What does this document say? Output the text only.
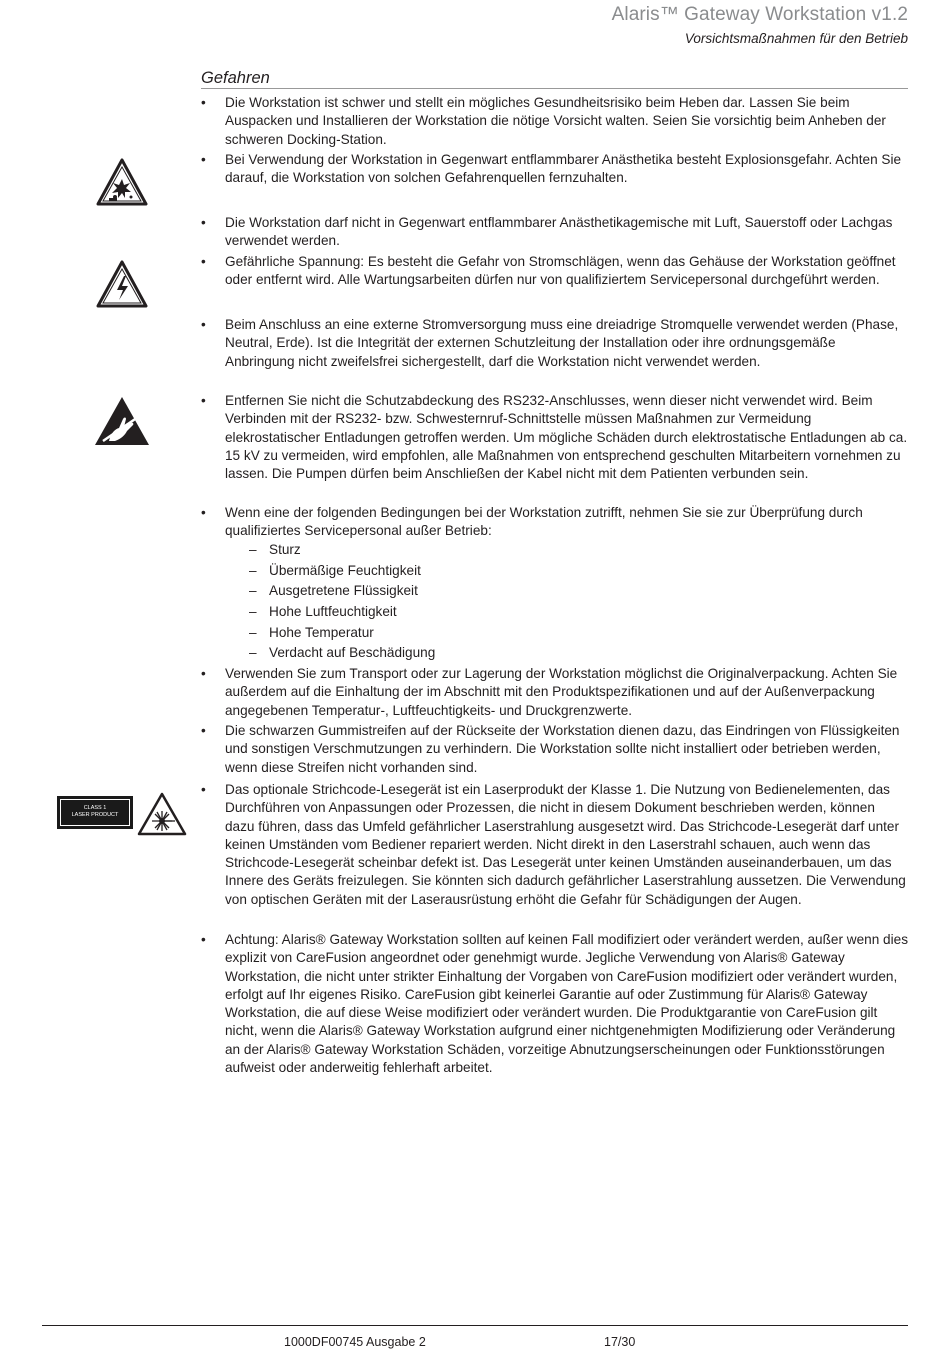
Alaris™ Gateway Workstation v1.2
Vorsichtsmaßnahmen für den Betrieb
Gefahren
•	Die Workstation ist schwer und stellt ein mögliches Gesundheitsrisiko beim Heben dar. Lassen Sie beim Auspacken und Installieren der Workstation die nötige Vorsicht walten. Seien Sie vorsichtig beim Anheben der schweren Docking-Station.
•	Bei Verwendung der Workstation in Gegenwart entflammbarer Anästhetika besteht Explosionsgefahr. Achten Sie darauf, die Workstation von solchen Gefahrenquellen fernzuhalten.
•	Die Workstation darf nicht in Gegenwart entflammbarer Anästhetikagemische mit Luft, Sauerstoff oder Lachgas verwendet werden.
•	Gefährliche Spannung: Es besteht die Gefahr von Stromschlägen, wenn das Gehäuse der Workstation geöffnet oder entfernt wird. Alle Wartungsarbeiten dürfen nur von qualifiziertem Servicepersonal durchgeführt werden.
•	Beim Anschluss an eine externe Stromversorgung muss eine dreiadrige Stromquelle verwendet werden (Phase, Neutral, Erde). Ist die Integrität der externen Schutzleitung der Installation oder ihre ordnungsgemäße Anbringung nicht zweifelsfrei sichergestellt, darf die Workstation nicht verwendet werden.
•	Entfernen Sie nicht die Schutzabdeckung des RS232-Anschlusses, wenn dieser nicht verwendet wird. Beim Verbinden mit der RS232- bzw. Schwesternruf-Schnittstelle müssen Maßnahmen zur Vermeidung elekrostatischer Entladungen getroffen werden. Um mögliche Schäden durch elektrostatische Entladungen ab ca. 15 kV zu vermeiden, wird empfohlen, alle Maßnahmen von entsprechend geschulten Mitarbeitern vornehmen zu lassen. Die Pumpen dürfen beim Anschließen der Kabel nicht mit dem Patienten verbunden sein.
•	Wenn eine der folgenden Bedingungen bei der Workstation zutrifft, nehmen Sie sie zur Überprüfung durch qualifiziertes Servicepersonal außer Betrieb:
– Sturz
– Übermäßige Feuchtigkeit
– Ausgetretene Flüssigkeit
– Hohe Luftfeuchtigkeit
– Hohe Temperatur
– Verdacht auf Beschädigung
•	Verwenden Sie zum Transport oder zur Lagerung der Workstation möglichst die Originalverpackung. Achten Sie außerdem auf die Einhaltung der im Abschnitt mit den Produktspezifikationen und auf der Außenverpackung angegebenen Temperatur-, Luftfeuchtigkeits- und Druckgrenzwerte.
•	Die schwarzen Gummistreifen auf der Rückseite der Workstation dienen dazu, das Eindringen von Flüssigkeiten und sonstigen Verschmutzungen zu verhindern. Die Workstation sollte nicht installiert oder betrieben werden, wenn diese Streifen nicht vorhanden sind.
•	Das optionale Strichcode-Lesegerät ist ein Laserprodukt der Klasse 1. Die Nutzung von Bedienelementen, das Durchführen von Anpassungen oder Prozessen, die nicht in diesem Dokument beschrieben werden, können dazu führen, dass das Umfeld gefährlicher Laserstrahlung ausgesetzt wird. Das Strichcode-Lesegerät darf unter keinen Umständen vom Bediener repariert werden. Nicht direkt in den Laserstrahl schauen, auch wenn das Strichcode-Lesegerät scheinbar defekt ist. Das Lesegerät unter keinen Umständen auseinanderbauen, um das Innere des Geräts freizulegen. Sie könnten sich dadurch gefährlicher Laserstrahlung aussetzen. Die Verwendung von optischen Geräten mit der Laserausrüstung erhöht die Gefahr für Schädigungen der Augen.
•	Achtung: Alaris® Gateway Workstation sollten auf keinen Fall modifiziert oder verändert werden, außer wenn dies explizit von CareFusion angeordnet oder genehmigt wurde. Jegliche Verwendung von Alaris® Gateway Workstation, die nicht unter strikter Einhaltung der Vorgaben von CareFusion modifiziert oder verändert wurden, erfolgt auf Ihr eigenes Risiko. CareFusion gibt keinerlei Garantie auf oder Zustimmung für Alaris® Gateway Workstation, die auf diese Weise modifiziert oder verändert wurden. Die Produktgarantie von CareFusion gilt nicht, wenn die Alaris® Gateway Workstation aufgrund einer nichtgenehmigten Modifizierung oder Veränderung an der Alaris® Gateway Workstation Schäden, vorzeitige Abnutzungserscheinungen oder Funktionsstörungen aufweist oder anderweitig fehlerhaft arbeitet.
CLASS 1
LASER PRODUCT
1000DF00745 Ausgabe 2	17/30
